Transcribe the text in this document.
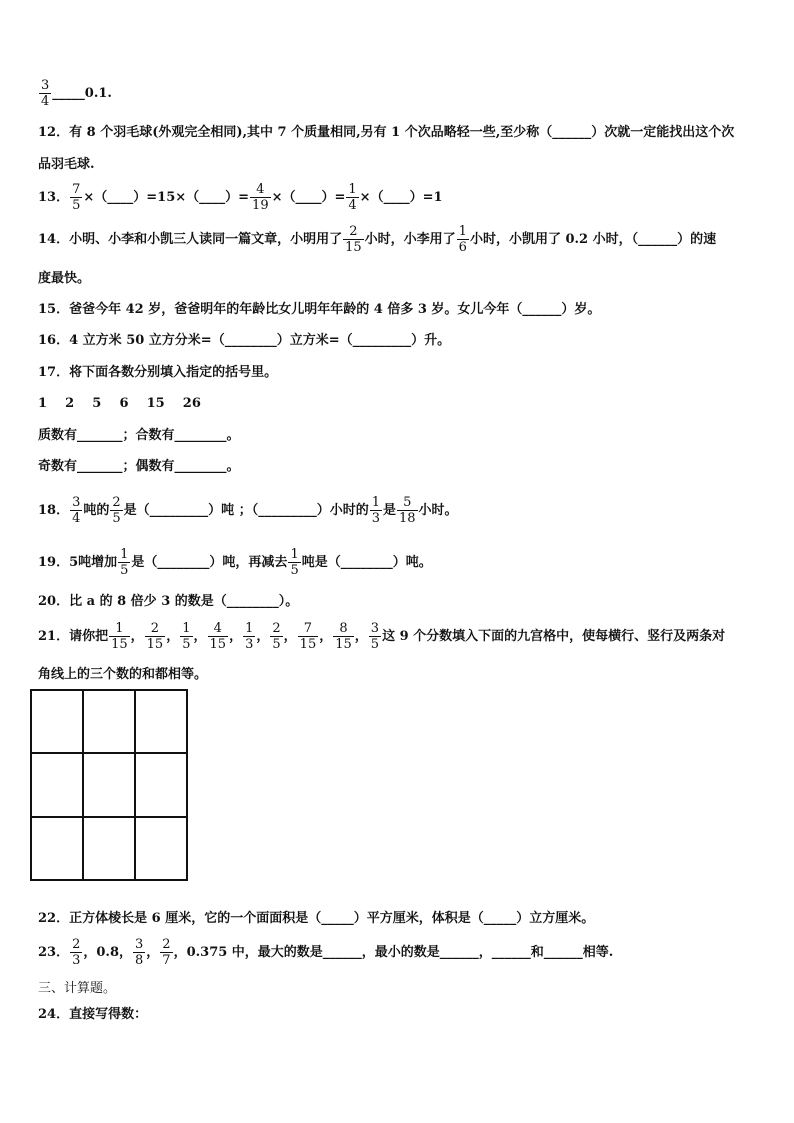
$\frac{3}{4}$ _____0.1.
12．有 8 个羽毛球(外观完全相同),其中 7 个质量相同,另有 1 个次品略轻一些,至少称（______）次就一定能找出这个次
品羽毛球.
13． $\frac{7}{5}$ ×（____）=15×（____）= $\frac{4}{19}$ ×（____）= $\frac{1}{4}$ ×（____）=1
14．小明、小李和小凯三人读同一篇文章，小明用了 $\frac{2}{15}$ 小时，小李用了 $\frac{1}{6}$ 小时，小凯用了 0.2 小时，（______）的速
度最快。
15．爸爸今年 42 岁，爸爸明年的年龄比女儿明年年龄的 4 倍多 3 岁。女儿今年（______）岁。
16．4 立方米 50 立方分米=（________）立方米=（_________）升。
17．将下面各数分别填入指定的括号里。
1    2    5    6    15    26
质数有_______；合数有________。
奇数有_______；偶数有________。
18． $\frac{3}{4}$ 吨的 $\frac{2}{5}$ 是（_________）吨 ；（_________）小时的 $\frac{1}{3}$ 是 $\frac{5}{18}$ 小时。
19．5吨增加 $\frac{1}{5}$ 是（________）吨，再减去 $\frac{1}{5}$ 吨是（________）吨。
20．比 a 的 8 倍少 3 的数是（________）。
21．请你把 $\frac{1}{15}$ ， $\frac{2}{15}$ ， $\frac{1}{5}$ ， $\frac{4}{15}$ ， $\frac{1}{3}$ ， $\frac{2}{5}$ ， $\frac{7}{15}$ ， $\frac{8}{15}$ ， $\frac{3}{5}$ 这 9 个分数填入下面的九宫格中，使每横行、竖行及两条对
角线上的三个数的和都相等。
22．正方体棱长是 6 厘米，它的一个面面积是（_____）平方厘米，体积是（_____）立方厘米。
23． $\frac{2}{3}$ ，0.8， $\frac{3}{8}$ ， $\frac{2}{7}$ ，0.375 中，最大的数是______，最小的数是______，______和______相等.
三、计算题。
24．直接写得数：
